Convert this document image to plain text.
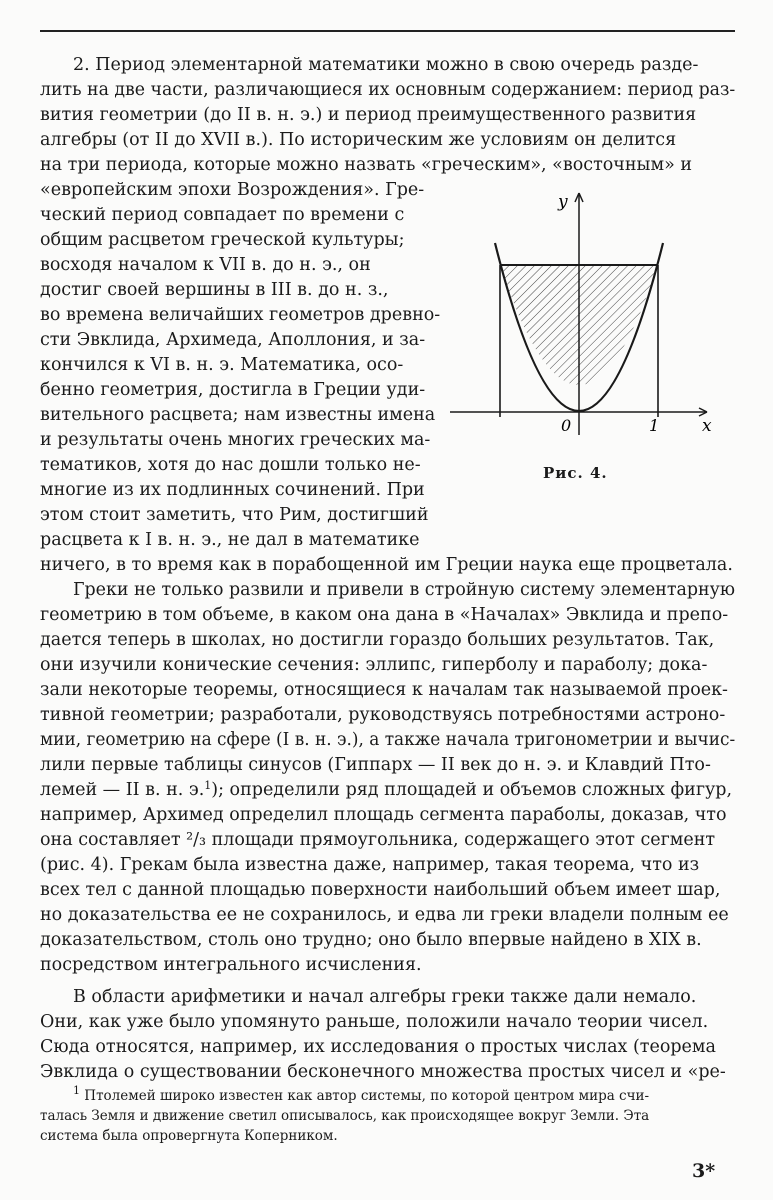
2. Период элементарной математики можно в свою очередь разде-
лить на две части, различающиеся их основным содержанием: период раз-
вития геометрии (до II в. н. э.) и период преимущественного развития
алгебры (от II до XVII в.). По историческим же условиям он делится
на три периода, которые можно назвать «греческим», «восточным» и
«европейским эпохи Возрождения». Гре-
ческий период совпадает по времени с
общим расцветом греческой культуры;
восходя началом к VII в. до н. э., он
достиг своей вершины в III в. до н. з.,
во времена величайших геометров древно-
сти Эвклида, Архимеда, Аполлония, и за-
кончился к VI в. н. э. Математика, осо-
бенно геометрия, достигла в Греции уди-
вительного расцвета; нам известны имена
и результаты очень многих греческих ма-
тематиков, хотя до нас дошли только не-
многие из их подлинных сочинений. При
этом стоит заметить, что Рим, достигший
расцвета к I в. н. э., не дал в математике
ничего, в то время как в порабощенной им Греции наука еще процветала.
y
x
0	1
Рис. 4.
Греки не только развили и привели в стройную систему элементарную
геометрию в том объеме, в каком она дана в «Началах» Эвклида и препо-
дается теперь в школах, но достигли гораздо больших результатов. Так,
они изучили конические сечения: эллипс, гиперболу и параболу; дока-
зали некоторые теоремы, относящиеся к началам так называемой проек-
тивной геометрии; разработали, руководствуясь потребностями астроно-
мии, геометрию на сфере (I в. н. э.), а также начала тригонометрии и вычис-
лили первые таблицы синусов (Гиппарх — II век до н. э. и Клавдий Пто-
лемей — II в. н. э.$^1$); определили ряд площадей и объемов сложных фигур,
например, Архимед определил площадь сегмента параболы, доказав, что
она составляет ²/₃ площади прямоугольника, содержащего этот сегмент
(рис. 4). Грекам была известна даже, например, такая теорема, что из
всех тел с данной площадью поверхности наибольший объем имеет шар,
но доказательства ее не сохранилось, и едва ли греки владели полным ее
доказательством, столь оно трудно; оно было впервые найдено в XIX в.
посредством интегрального исчисления.
В области арифметики и начал алгебры греки также дали немало.
Они, как уже было упомянуто раньше, положили начало теории чисел.
Сюда относятся, например, их исследования о простых числах (теорема
Эвклида о существовании бесконечного множества простых чисел и «ре-
$^1$ Птолемей широко известен как автор системы, по которой центром мира счи-
талась Земля и движение светил описывалось, как происходящее вокруг Земли. Эта
система была опровергнута Коперником.
3*
